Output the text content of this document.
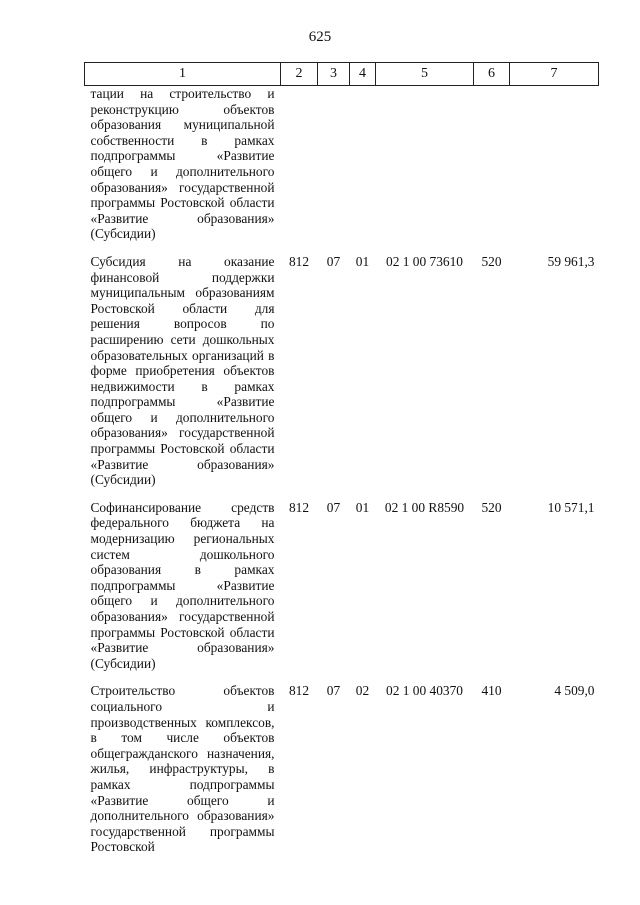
625
1	2	3	4	5	6	7
тации на строительство и реконструкцию объектов образования муниципальной собственности в рамках подпрограммы «Развитие общего и дополнительного образования» государственной программы Ростовской области «Развитие образования» (Субсидии)						
Субсидия на оказание финансовой поддержки муниципальным образованиям Ростовской области для решения вопросов по расширению сети дошкольных образовательных организаций в форме приобретения объектов недвижимости в рамках подпрограммы «Развитие общего и дополнительного образования» государственной программы Ростовской области «Развитие образования» (Субсидии)	812	07	01	02 1 00 73610	520	59 961,3
Софинансирование средств федерального бюджета на модернизацию региональных систем дошкольного образования в рамках подпрограммы «Развитие общего и дополнительного образования» государственной программы Ростовской области «Развитие образования» (Субсидии)	812	07	01	02 1 00 R8590	520	10 571,1
Строительство объектов социального и производственных комплексов, в том числе объектов общегражданского назначения, жилья, инфраструктуры, в рамках подпрограммы «Развитие общего и дополнительного образования» государственной программы Ростовской	812	07	02	02 1 00 40370	410	4 509,0
